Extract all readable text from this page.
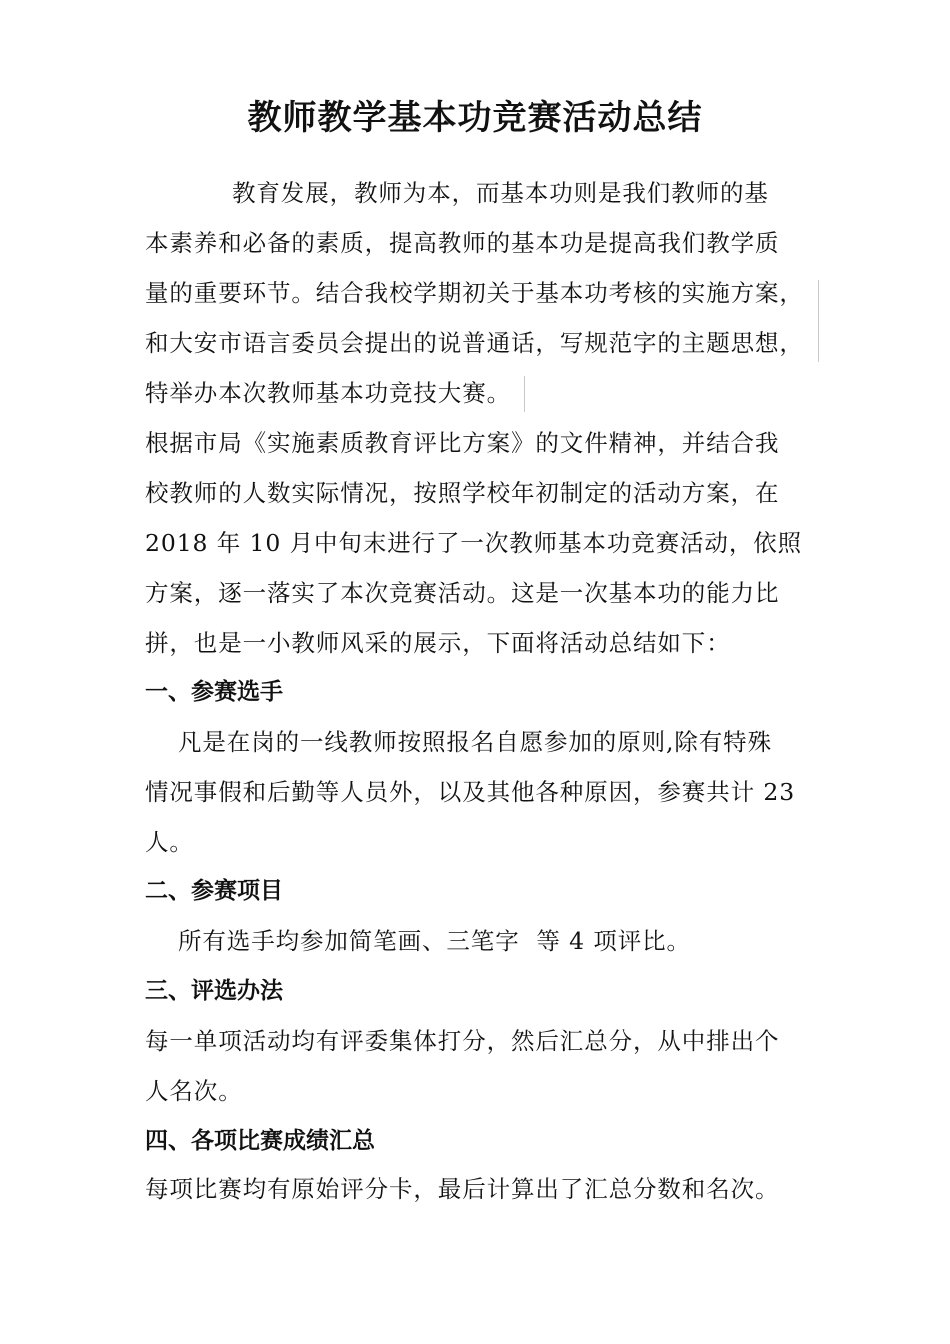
教师教学基本功竞赛活动总结
教育发展，教师为本，而基本功则是我们教师的基
本素养和必备的素质，提高教师的基本功是提高我们教学质
量的重要环节。结合我校学期初关于基本功考核的实施方案，
和大安市语言委员会提出的说普通话，写规范字的主题思想，
特举办本次教师基本功竞技大赛。
根据市局《实施素质教育评比方案》的文件精神，并结合我
校教师的人数实际情况，按照学校年初制定的活动方案，在
2018 年 10 月中旬末进行了一次教师基本功竞赛活动，依照
方案，逐一落实了本次竞赛活动。这是一次基本功的能力比
拼，也是一小教师风采的展示，下面将活动总结如下：
一、参赛选手
凡是在岗的一线教师按照报名自愿参加的原则,除有特殊
情况事假和后勤等人员外，以及其他各种原因，参赛共计 23
人。
二、参赛项目
所有选手均参加简笔画、三笔字  等 4 项评比。
三、评选办法
每一单项活动均有评委集体打分，然后汇总分，从中排出个
人名次。
四、各项比赛成绩汇总
每项比赛均有原始评分卡，最后计算出了汇总分数和名次。
